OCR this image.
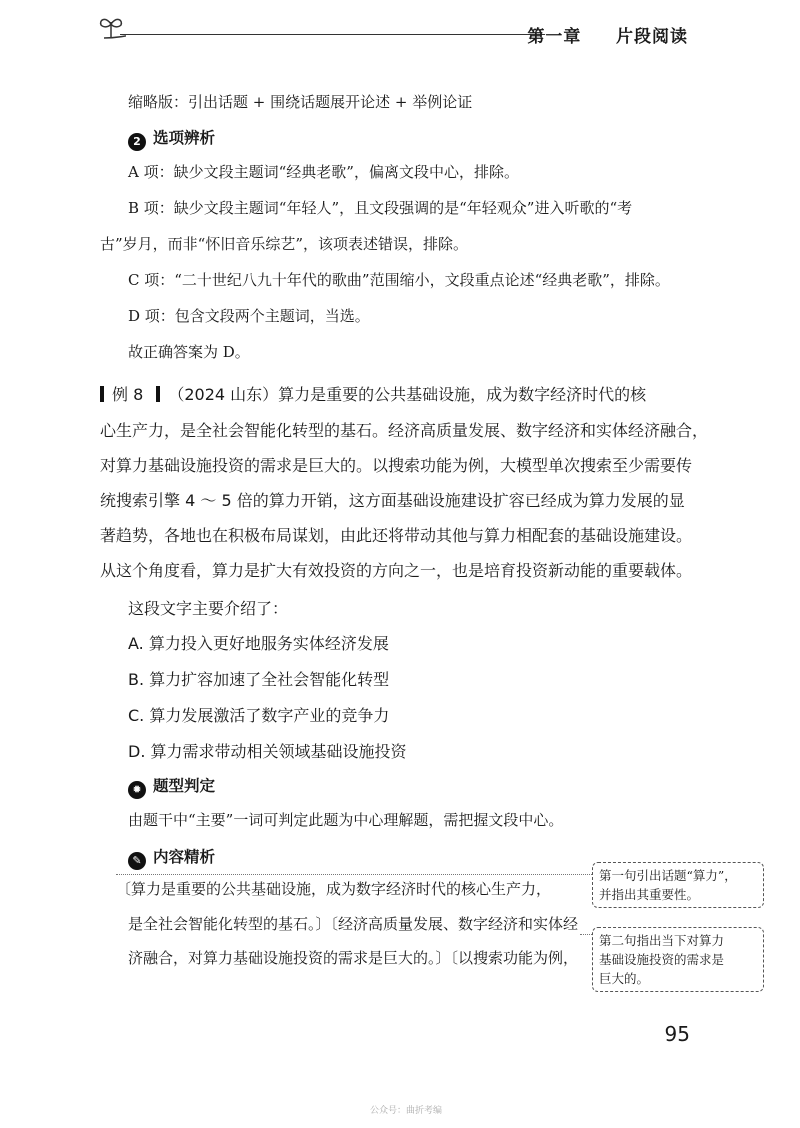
第一章 片段阅读
缩略版：引出话题 + 围绕话题展开论述 + 举例论证
2 选项辨析
A 项：缺少文段主题词“经典老歌”，偏离文段中心，排除。
B 项：缺少文段主题词“年轻人”，且文段强调的是“年轻观众”进入听歌的“考
古”岁月，而非“怀旧音乐综艺”，该项表述错误，排除。
C 项：“二十世纪八九十年代的歌曲”范围缩小，文段重点论述“经典老歌”，排除。
D 项：包含文段两个主题词，当选。
故正确答案为 D。
例 8 （2024 山东）算力是重要的公共基础设施，成为数字经济时代的核
心生产力，是全社会智能化转型的基石。经济高质量发展、数字经济和实体经济融合，
对算力基础设施投资的需求是巨大的。以搜索功能为例，大模型单次搜索至少需要传
统搜索引擎 4 ～ 5 倍的算力开销，这方面基础设施建设扩容已经成为算力发展的显
著趋势，各地也在积极布局谋划，由此还将带动其他与算力相配套的基础设施建设。
从这个角度看，算力是扩大有效投资的方向之一，也是培育投资新动能的重要载体。
这段文字主要介绍了：
A. 算力投入更好地服务实体经济发展
B. 算力扩容加速了全社会智能化转型
C. 算力发展激活了数字产业的竞争力
D. 算力需求带动相关领域基础设施投资
✹ 题型判定
由题干中“主要”一词可判定此题为中心理解题，需把握文段中心。
✎ 内容精析
〔算力是重要的公共基础设施，成为数字经济时代的核心生产力，
是全社会智能化转型的基石。〕〔经济高质量发展、数字经济和实体经
济融合，对算力基础设施投资的需求是巨大的。〕〔以搜索功能为例，
第一句引出话题“算力”，
并指出其重要性。
第二句指出当下对算力
基础设施投资的需求是
巨大的。
95
公众号：曲折考编
